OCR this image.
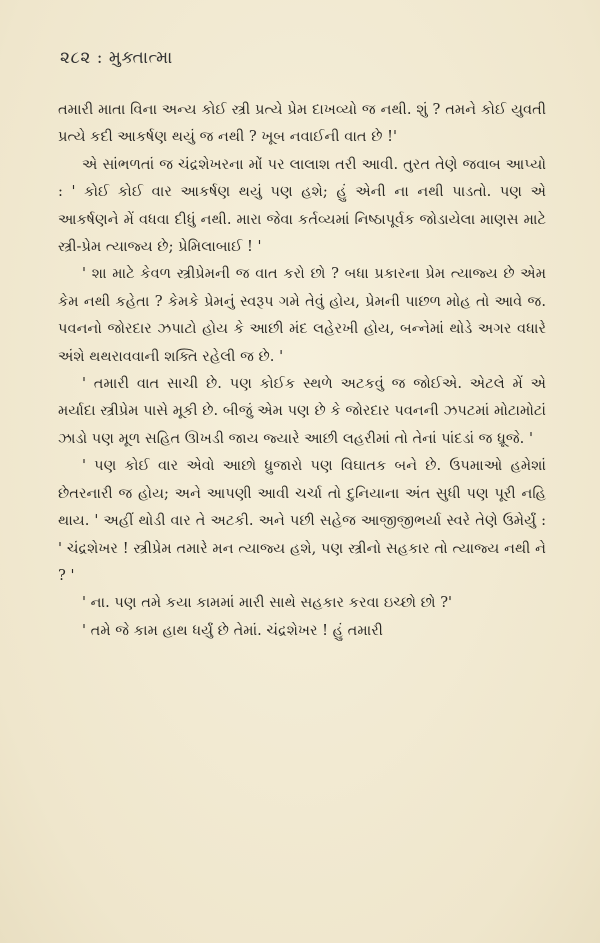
૨૮૨ : મુક્તાત્મા

તમારી માતા વિના અન્ય કોઈ સ્ત્રી પ્રત્યે પ્રેમ દાખવ્યો જ નથી. શું ? તમને કોઈ યુવતી પ્રત્યે કદી આકર્ષણ થયું જ નથી ? ખૂબ નવાઈની વાત છે !'

એ સાંભળતાં જ ચંદ્રશેખરના મોં પર લાલાશ તરી આવી. તુરત તેણે જવાબ આપ્યો : ' કોઈ કોઈ વાર આકર્ષણ થયું પણ હશે; હું એની ના નથી પાડતો. પણ એ આકર્ષણને મેં વધવા દીધું નથી. મારા જેવા કર્તવ્યમાં નિષ્ઠાપૂર્વક જોડાયેલા માણસ માટે સ્ત્રી-પ્રેમ ત્યાજ્ય છે; પ્રેમિલાબાઈ ! '

' શા માટે કેવળ સ્ત્રીપ્રેમની જ વાત કરો છો ? બધા પ્રકારના પ્રેમ ત્યાજ્ય છે એમ કેમ નથી કહેતા ? કેમકે પ્રેમનું સ્વરૂપ ગમે તેવું હોય, પ્રેમની પાછળ મોહ તો આવે જ. પવનનો જોરદાર ઝપાટો હોય કે આછી મંદ લહેરખી હોય, બન્નેમાં થોડે અગર વધારે અંશે થથરાવવાની શક્તિ રહેલી જ છે. '

' તમારી વાત સાચી છે. પણ કોઈક સ્થળે અટકવું જ જોઈએ. એટલે મેં એ મર્યાદા સ્ત્રીપ્રેમ પાસે મૂકી છે. બીજું એમ પણ છે કે જોરદાર પવનની ઝપટમાં મોટામોટાં ઝાડો પણ મૂળ સહિત ઊખડી જાય જ્યારે આછી લહરીમાં તો તેનાં પાંદડાં જ ધ્રૂજે. '

' પણ કોઈ વાર એવો આછો ધ્રુજારો પણ વિઘાતક બને છે. ઉપમાઓ હમેશાં છેતરનારી જ હોય; અને આપણી આવી ચર્ચા તો દુનિયાના અંત સુધી પણ પૂરી નહિ થાય. ' અહીં થોડી વાર તે અટકી. અને પછી સહેજ આજીજીભર્યા સ્વરે તેણે ઉમેર્યું : ' ચંદ્રશેખર ! સ્ત્રીપ્રેમ તમારે મન ત્યાજ્ય હશે, પણ સ્ત્રીનો સહકાર તો ત્યાજ્ય નથી ને ? '

' ના. પણ તમે કયા કામમાં મારી સાથે સહકાર કરવા ઇચ્છો છો ?'

' તમે જે કામ હાથ ધર્યું છે તેમાં. ચંદ્રશેખર ! હું તમારી
